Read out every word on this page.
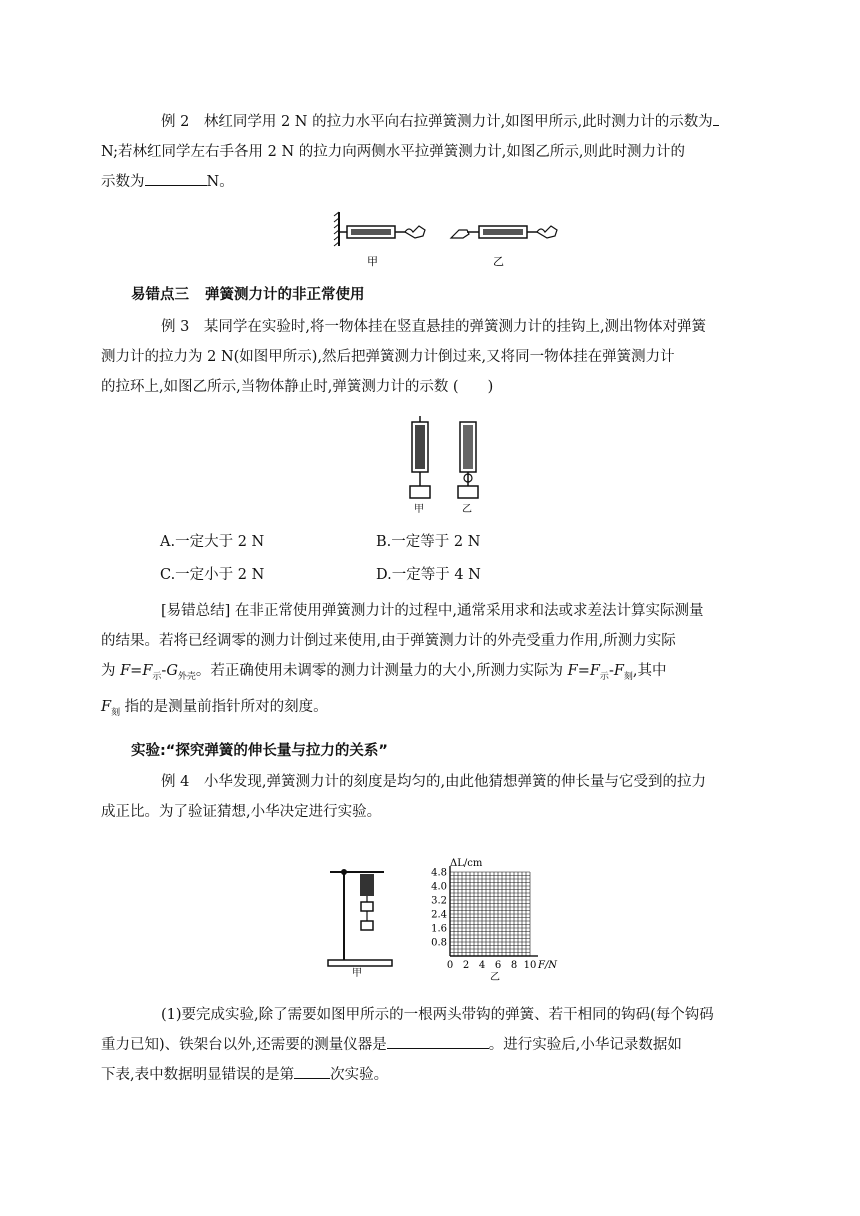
例 2　林红同学用 2 N 的拉力水平向右拉弹簧测力计,如图甲所示,此时测力计的示数为
N;若林红同学左右手各用 2 N 的拉力向两侧水平拉弹簧测力计,如图乙所示,则此时测力计的
示数为	N。

甲	乙
易错点三 弹簧测力计的非正常使用

例 3　某同学在实验时,将一物体挂在竖直悬挂的弹簧测力计的挂钩上,测出物体对弹簧
测力计的拉力为 2 N(如图甲所示),然后把弹簧测力计倒过来,又将同一物体挂在弹簧测力计
的拉环上,如图乙所示,当物体静止时,弹簧测力计的示数 (　　)

甲	乙
A.一定大于 2 N	B.一定等于 2 N
C.一定小于 2 N	D.一定等于 4 N

[易错总结] 在非正常使用弹簧测力计的过程中,通常采用求和法或求差法计算实际测量
的结果。若将已经调零的测力计倒过来使用,由于弹簧测力计的外壳受重力作用,所测力实际
为 $F=F_示-G_{外壳}$。若正确使用未调零的测力计测量力的大小,所测力实际为 $F=F_示-F_刻$,其中
$F_刻$ 指的是测量前指针所对的刻度。

实验:“探究弹簧的伸长量与拉力的关系”

例 4　小华发现,弹簧测力计的刻度是均匀的,由此他猜想弹簧的伸长量与它受到的拉力
成正比。为了验证猜想,小华决定进行实验。

甲
ΔL/cm
F/N
0.8
1.6
2.4
3.2
4.0
4.8
0 2 4 6 8 10
乙

(1)要完成实验,除了需要如图甲所示的一根两头带钩的弹簧、若干相同的钩码(每个钩码
重力已知)、铁架台以外,还需要的测量仪器是	。进行实验后,小华记录数据如
下表,表中数据明显错误的是第 次实验。
